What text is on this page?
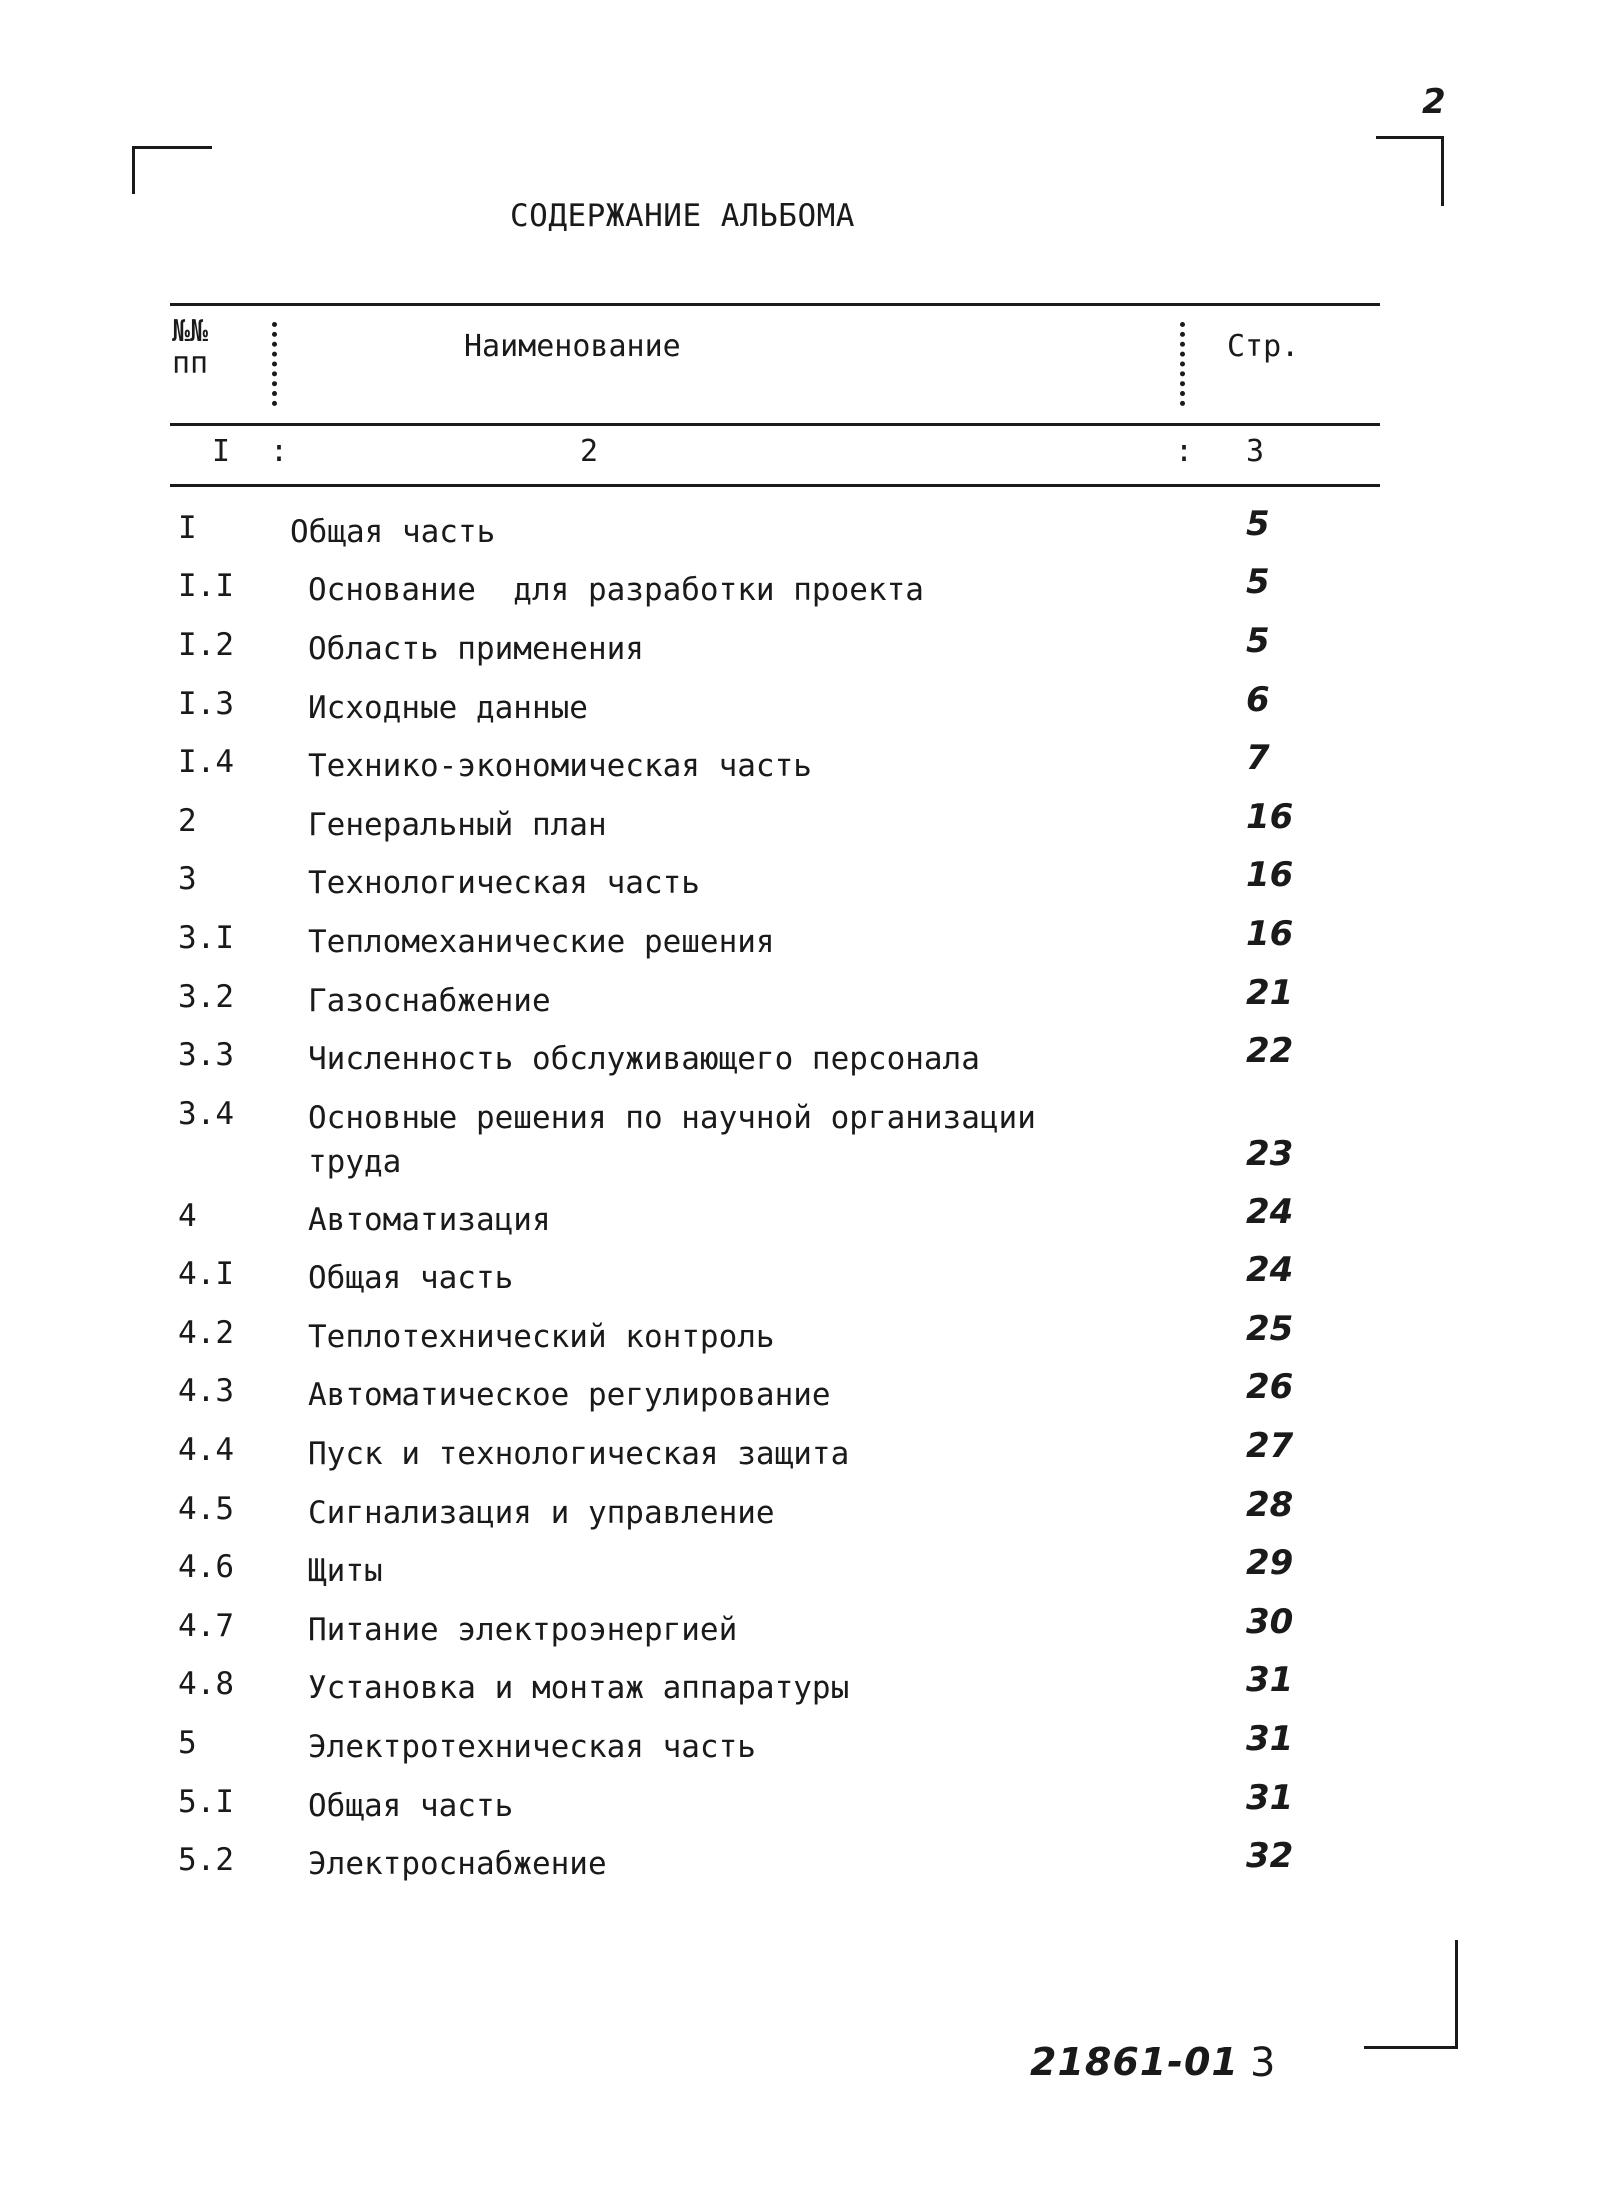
2
СОДЕРЖАНИЕ АЛЬБОМА
№№
пп	Наименование	Стр.
I :	2	: 3
I	Общая часть	5
I.I Основание  для разработки проекта	5
I.2 Область применения	5
I.3 Исходные данные	6
I.4 Технико-экономическая часть	7
2	Генеральный план	16
3	Технологическая часть	16
3.I Тепломеханические решения	16
3.2 Газоснабжение	21
3.3 Численность обслуживающего персонала	22
3.4 Основные решения по научной организации
труда	23
4	Автоматизация	24
4.I Общая часть	24
4.2 Теплотехнический контроль	25
4.3 Автоматическое регулирование	26
4.4 Пуск и технологическая защита	27
4.5 Сигнализация и управление	28
4.6 Щиты	29
4.7 Питание электроэнергией	30
4.8 Установка и монтаж аппаратуры	31
5	Электротехническая часть	31
5.I Общая часть	31
5.2 Электроснабжение	32
21861-01 3
